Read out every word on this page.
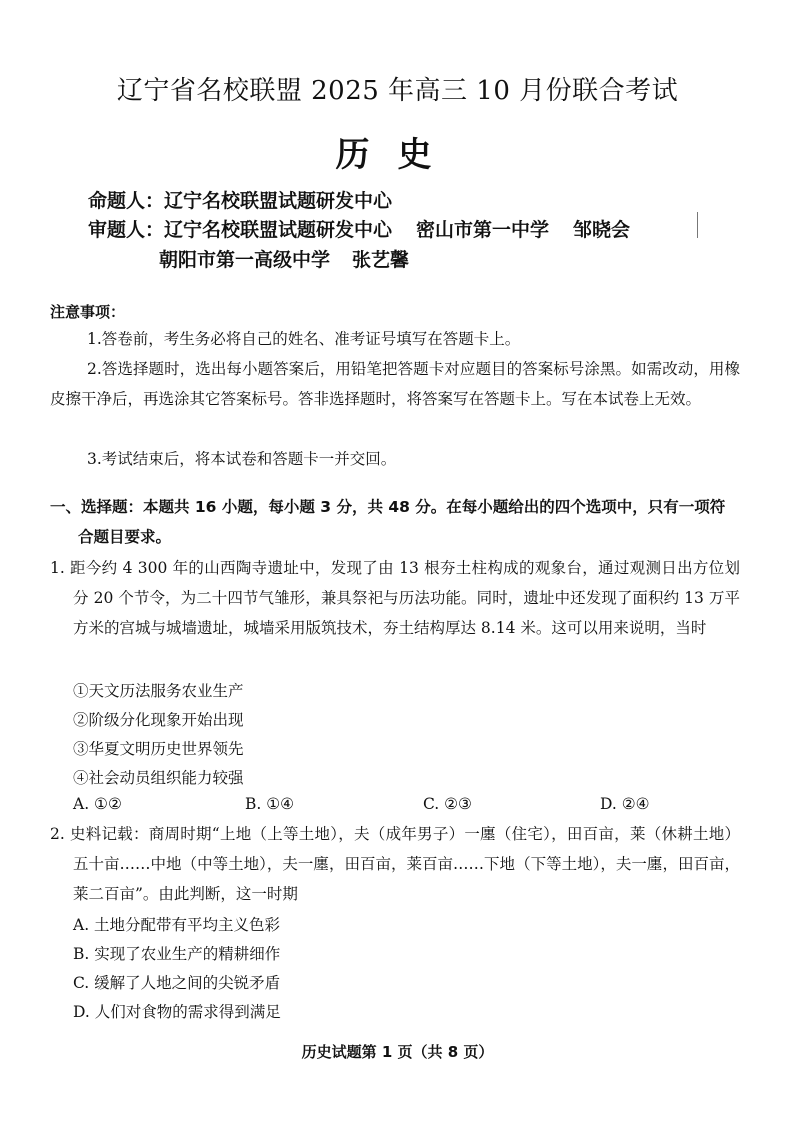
辽宁省名校联盟 2025 年高三 10 月份联合考试
历史
命题人：辽宁名校联盟试题研发中心
审题人：辽宁名校联盟试题研发中心 密山市第一中学 邹晓会
朝阳市第一高级中学 张艺馨
注意事项：
1.答卷前，考生务必将自己的姓名、准考证号填写在答题卡上。
2.答选择题时，选出每小题答案后，用铅笔把答题卡对应题目的答案标号涂黑。如需改动，用橡皮擦干净后，再选涂其它答案标号。答非选择题时，将答案写在答题卡上。写在本试卷上无效。
3.考试结束后，将本试卷和答题卡一并交回。
一、选择题：本题共 16 小题，每小题 3 分，共 48 分。在每小题给出的四个选项中，只有一项符合题目要求。
1. 距今约 4 300 年的山西陶寺遗址中，发现了由 13 根夯土柱构成的观象台，通过观测日出方位划分 20 个节令，为二十四节气雏形，兼具祭祀与历法功能。同时，遗址中还发现了面积约 13 万平方米的宫城与城墙遗址，城墙采用版筑技术，夯土结构厚达 8.14 米。这可以用来说明，当时
①天文历法服务农业生产
②阶级分化现象开始出现
③华夏文明历史世界领先
④社会动员组织能力较强
A. ①②	B. ①④	C. ②③	D. ②④
2. 史料记载：商周时期“上地（上等土地），夫（成年男子）一廛（住宅），田百亩，莱（休耕土地）五十亩……中地（中等土地），夫一廛，田百亩，莱百亩……下地（下等土地），夫一廛，田百亩，莱二百亩”。由此判断，这一时期
A. 土地分配带有平均主义色彩
B. 实现了农业生产的精耕细作
C. 缓解了人地之间的尖锐矛盾
D. 人们对食物的需求得到满足
历史试题第 1 页（共 8 页）
